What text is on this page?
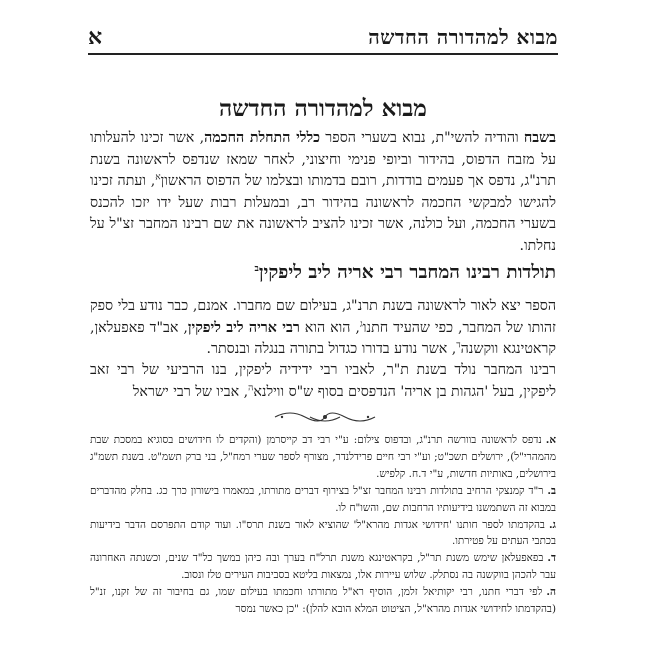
מבוא למהדורה החדשה
א
מבוא למהדורה החדשה
בשבח והודיה להשי"ת, נבוא בשערי הספר כללי התחלת החכמה, אשר זכינו להעלותו על מזבח הדפוס, בהידור וביופי פנימי וחיצוני, לאחר שמאז שנדפס לראשונה בשנת תרנ"ג, נדפס אך פעמים בודדות, רובם בדמותו ובצלמו של הדפוס הראשון$^א$, ועתה זכינו להגישו למבקשי החכמה לראשונה בהידור רב, ובמעלות רבות שעל ידו יזכו להכנס בשערי החכמה, ועל כולנה, אשר זכינו להציב לראשונה את שם רבינו המחבר זצ"ל על נחלתו.
תולדות רבינו המחבר רבי אריה ליב ליפקין$^ב$
הספר יצא לאור לראשונה בשנת תרנ"ג, בעילום שם מחברו. אמנם, כבר נודע בלי ספק זהותו של המחבר, כפי שהעיד חתנו$^ג$, הוא הוא רבי אריה ליב ליפקין, אב"ד פאפעלאן, קראטינגא ווקשנה$^ד$, אשר נודע בדורו כגדול בתורה בנגלה ובנסתר.
רבינו המחבר נולד בשנת ת"ר, לאביו רבי ידידיה ליפקין, בנו הרביעי של רבי זאב ליפקין, בעל 'הגהות בן אריה' הנדפסים בסוף ש"ס ווילנא$^ה$, אביו של רבי ישראל
א.נדפס לראשונה בוורשה תרנ"ג, ובדפוס צילום: ע"י רבי דב קייסרמן (והקדים לו חידושים בסוגיא במסכת שבת מהמהרי"ל), ירושלים תשכ"ט; וע"י רבי חיים פרידלנדר, מצורף לספר שערי רמח"ל, בני ברק תשמ"ט. בשנת תשמ"ג בירושלים, באותיות חדשות, ע"י ד.ח. קלפיש.
ב.ר"ד קמנצקי הרחיב בתולדות רבינו המחבר זצ"ל בצירוף דברים מתורתו, במאמרו בישורון כרך כג. בחלק מהדברים במבוא זה השתמשנו בידיעותיו הרחבות שם, והשו"ח לו.
ג.בהקדמתו לספר חותנו 'חידושי אגדות מהרא"ל' שהוציא לאור בשנת תרס"ו. ועוד קודם התפרסם הדבר בידיעות בכתבי העתים על פטירתו.
ד.בפאפעלאן שימש משנת תר"ל, בקראטינגא משנת תרל"ח בערך ובה כיהן במשך כל"ד שנים, וכשנתה האחרונה עבר להכהן בווקשנה בה נסתלק. שלוש עיירות אלו, נמצאות בליטא בסביבות העירים טלז ונסוב.
ה.לפי דברי חתנו, רבי יקותיאל זלמן, הוסיף רא"ל מתורתו וחכמתו בעילום שמו, גם בחיבור זה של זקנו, זנ"ל (בהקדמתו לחידושי אגדות מהרא"ל, הציטוט המלא הובא להלן): "כן כאשר נמסר
